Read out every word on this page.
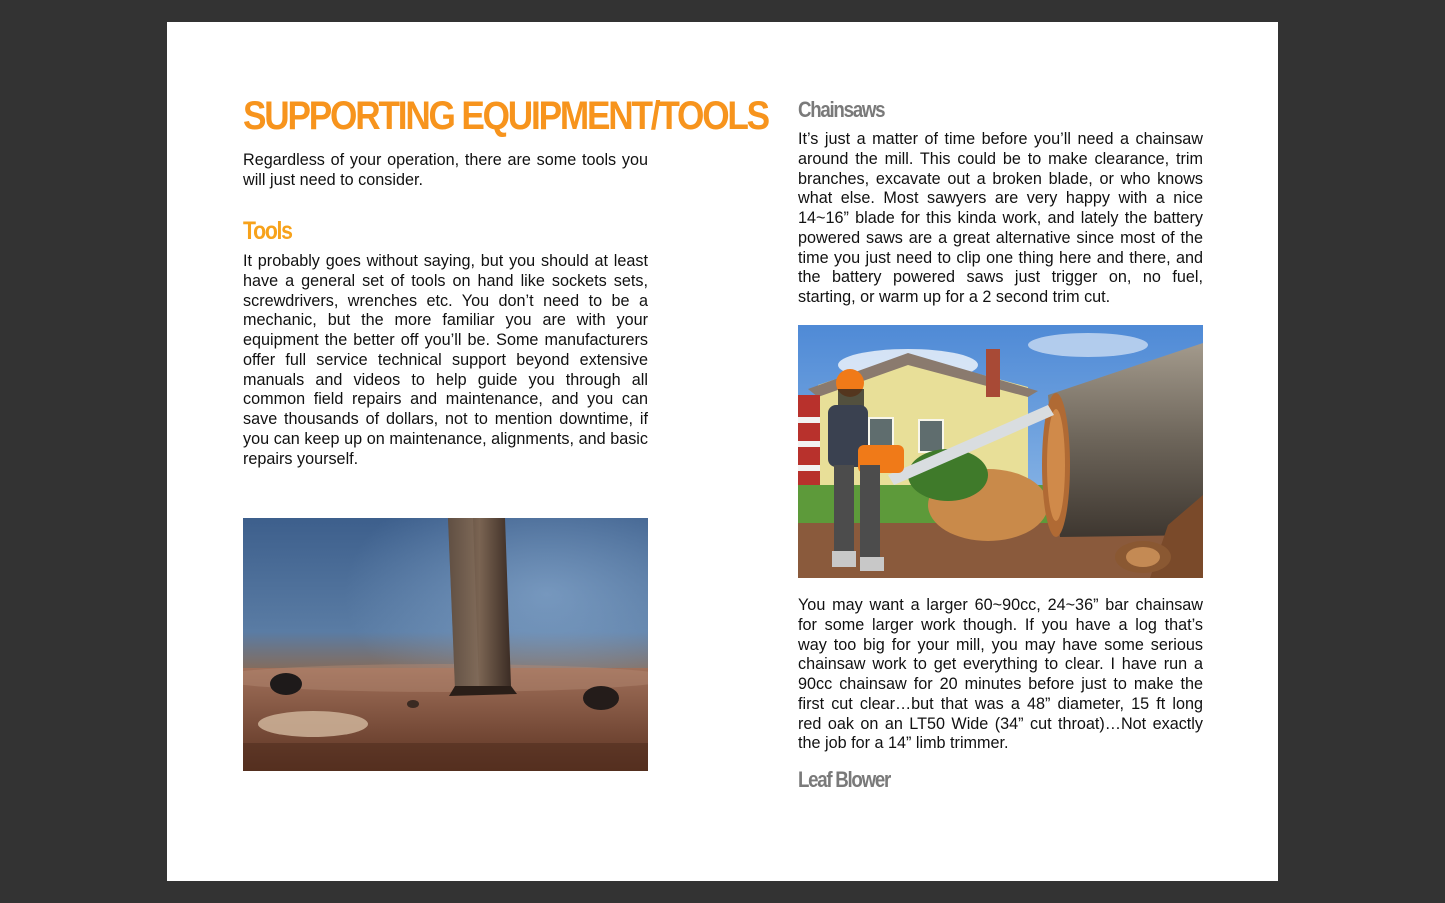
SUPPORTING EQUIPMENT/TOOLS

Regardless of your operation, there are some tools you will just need to consider.

Tools

It probably goes without saying, but you should at least have a general set of tools on hand like sockets sets, screwdrivers, wrenches etc. You don’t need to be a mechanic, but the more familiar you are with your equipment the better off you’ll be. Some manufacturers offer full service technical support beyond extensive manuals and videos to help guide you through all common field repairs and maintenance, and you can save thousands of dollars, not to mention downtime, if you can keep up on maintenance, alignments, and basic repairs yourself.

Chainsaws

It’s just a matter of time before you’ll need a chainsaw around the mill. This could be to make clearance, trim branches, excavate out a broken blade, or who knows what else. Most sawyers are very happy with a nice 14~16” blade for this kinda work, and lately the battery powered saws are a great alternative since most of the time you just need to clip one thing here and there, and the battery powered saws just trigger on, no fuel, starting, or warm up for a 2 second trim cut.

You may want a larger 60~90cc, 24~36” bar chainsaw for some larger work though. If you have a log that’s way too big for your mill, you may have some serious chainsaw work to get everything to clear. I have run a 90cc chainsaw for 20 minutes before just to make the first cut clear…but that was a 48” diameter, 15 ft long red oak on an LT50 Wide (34” cut throat)…Not exactly the job for a 14” limb trimmer.

Leaf Blower
